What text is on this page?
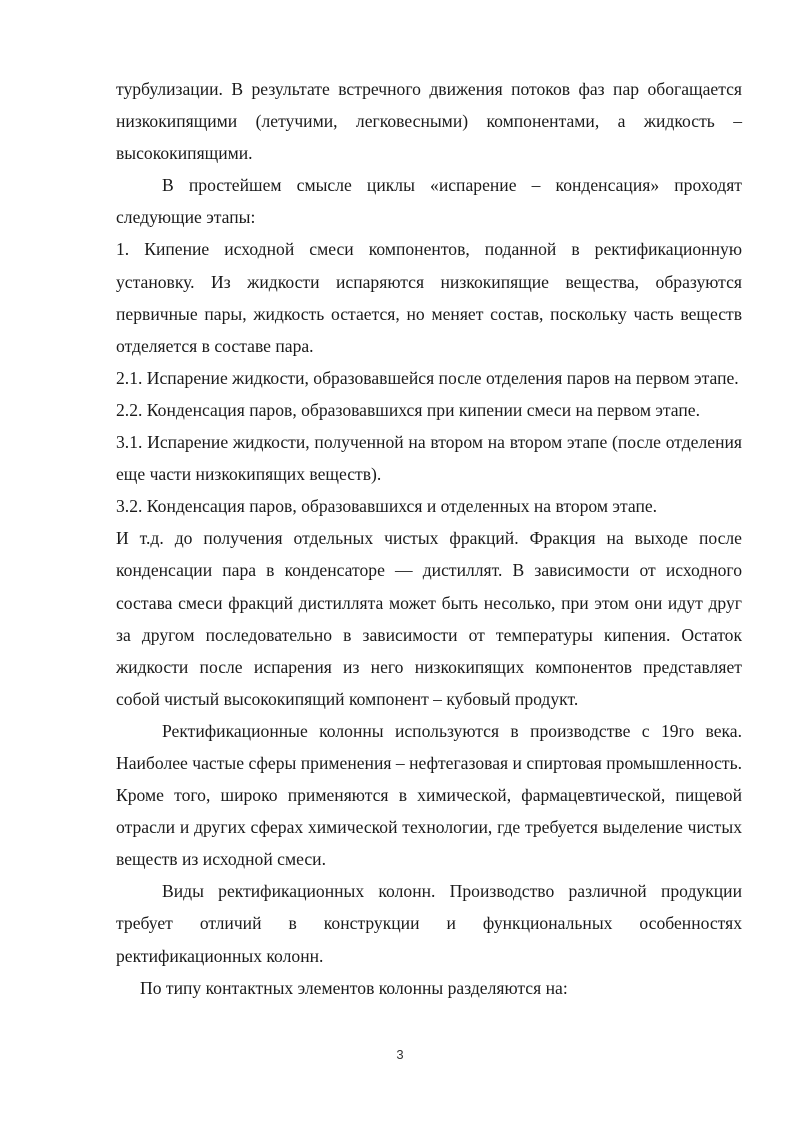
турбулизации. В результате встречного движения потоков фаз пар обогащается низкокипящими (летучими, легковесными) компонентами, а жидкость – высококипящими.

В простейшем смысле циклы «испарение – конденсация» проходят следующие этапы:

1. Кипение исходной смеси компонентов, поданной в ректификационную установку. Из жидкости испаряются низкокипящие вещества, образуются первичные пары, жидкость остается, но меняет состав, поскольку часть веществ отделяется в составе пара.

2.1. Испарение жидкости, образовавшейся после отделения паров на первом этапе.

2.2. Конденсация паров, образовавшихся при кипении смеси на первом этапе.

3.1. Испарение жидкости, полученной на втором на втором этапе (после отделения еще части низкокипящих веществ).

3.2. Конденсация паров, образовавшихся и отделенных на втором этапе.

И т.д. до получения отдельных чистых фракций. Фракция на выходе после конденсации пара в конденсаторе — дистиллят. В зависимости от исходного состава смеси фракций дистиллята может быть несолько, при этом они идут друг за другом последовательно в зависимости от температуры кипения. Остаток жидкости после испарения из него низкокипящих компонентов представляет собой чистый высококипящий компонент – кубовый продукт.

Ректификационные колонны используются в производстве с 19го века. Наиболее частые сферы применения – нефтегазовая и спиртовая промышленность. Кроме того, широко применяются в химической, фармацевтической, пищевой отрасли и других сферах химической технологии, где требуется выделение чистых веществ из исходной смеси.

Виды ректификационных колонн. Производство различной продукции требует отличий в конструкции и функциональных особенностях ректификационных колонн.

По типу контактных элементов колонны разделяются на:

3
